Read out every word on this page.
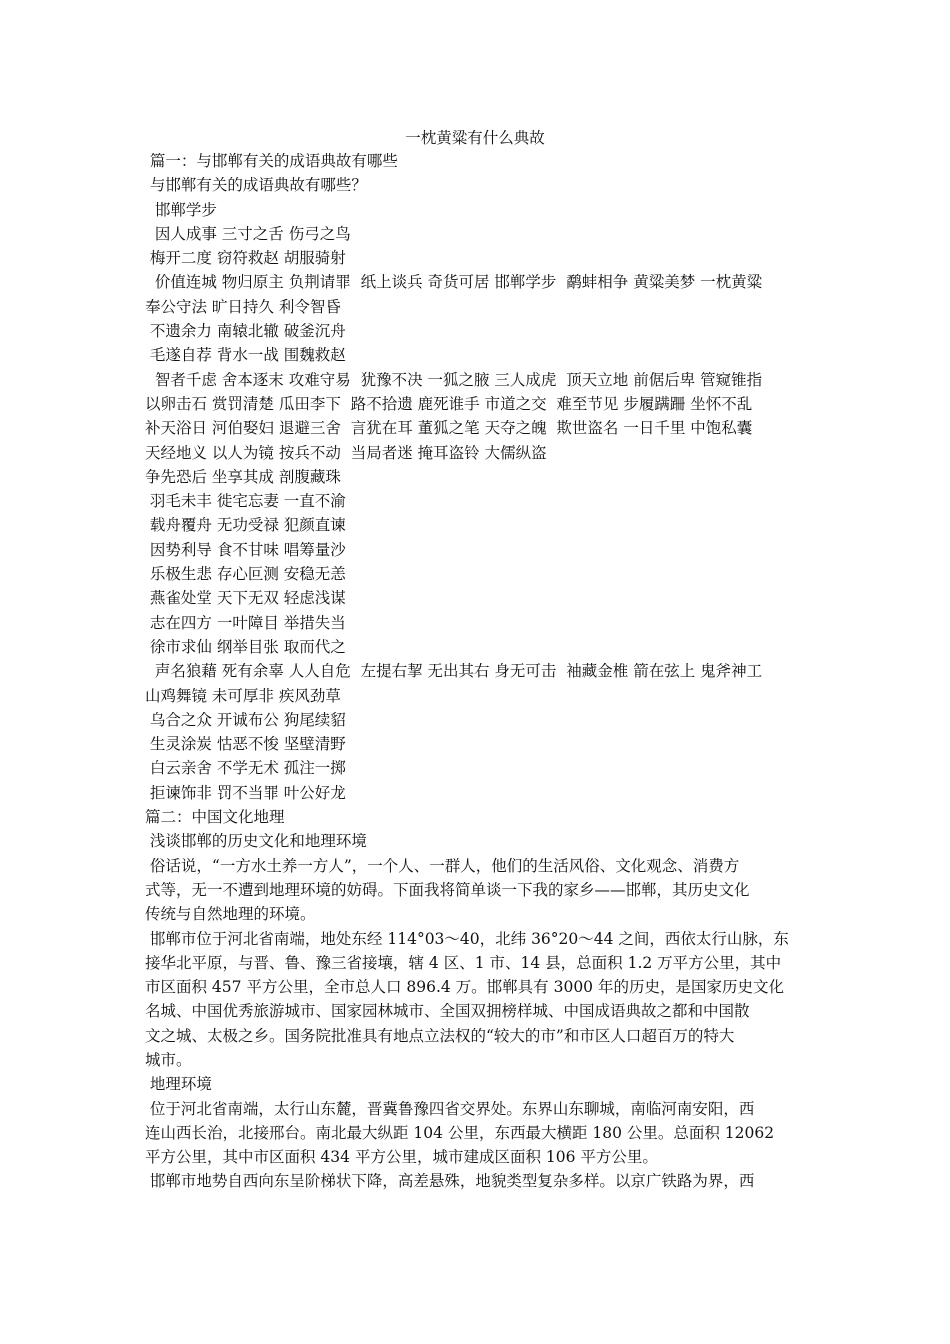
一枕黄粱有什么典故
篇一：与邯郸有关的成语典故有哪些
与邯郸有关的成语典故有哪些？
邯郸学步
因人成事 三寸之舌 伤弓之鸟
梅开二度 窃符救赵 胡服骑射
价值连城 物归原主 负荆请罪  纸上谈兵 奇货可居 邯郸学步  鹬蚌相争 黄粱美梦 一枕黄粱
奉公守法 旷日持久 利令智昏
不遗余力 南辕北辙 破釜沉舟
毛遂自荐 背水一战 围魏救赵
智者千虑 舍本逐末 攻难守易  犹豫不决 一狐之腋 三人成虎  顶天立地 前倨后卑 管窥锥指
以卵击石 赏罚清楚 瓜田李下  路不拾遗 鹿死谁手 市道之交  难至节见 步履蹒跚 坐怀不乱
补天浴日 河伯娶妇 退避三舍  言犹在耳 董狐之笔 天夺之魄  欺世盗名 一日千里 中饱私囊
天经地义 以人为镜 按兵不动  当局者迷 掩耳盗铃 大儒纵盗
争先恐后 坐享其成 剖腹藏珠
羽毛未丰 徙宅忘妻 一直不渝
载舟覆舟 无功受禄 犯颜直谏
因势利导 食不甘味 唱筹量沙
乐极生悲 存心叵测 安稳无恙
燕雀处堂 天下无双 轻虑浅谋
志在四方 一叶障目 举措失当
徐市求仙 纲举目张 取而代之
声名狼藉 死有余辜 人人自危  左提右挈 无出其右 身无可击  袖藏金椎 箭在弦上 鬼斧神工
山鸡舞镜 未可厚非 疾风劲草
乌合之众 开诚布公 狗尾续貂
生灵涂炭 怙恶不悛 坚壁清野
白云亲舍 不学无术 孤注一掷
拒谏饰非 罚不当罪 叶公好龙
篇二：中国文化地理
浅谈邯郸的历史文化和地理环境
俗话说，“一方水土养一方人”，一个人、一群人，他们的生活风俗、文化观念、消费方
式等，无一不遭到地理环境的妨碍。下面我将简单谈一下我的家乡——邯郸，其历史文化
传统与自然地理的环境。
邯郸市位于河北省南端，地处东经 114°03～40，北纬 36°20～44 之间，西依太行山脉，东
接华北平原，与晋、鲁、豫三省接壤，辖 4 区、1 市、14 县，总面积 1.2 万平方公里，其中
市区面积 457 平方公里，全市总人口 896.4 万。邯郸具有 3000 年的历史，是国家历史文化
名城、中国优秀旅游城市、国家园林城市、全国双拥榜样城、中国成语典故之都和中国散
文之城、太极之乡。国务院批准具有地点立法权的“较大的市”和市区人口超百万的特大
城市。
地理环境
位于河北省南端，太行山东麓，晋冀鲁豫四省交界处。东界山东聊城，南临河南安阳，西
连山西长治，北接邢台。南北最大纵距 104 公里，东西最大横距 180 公里。总面积 12062
平方公里，其中市区面积 434 平方公里，城市建成区面积 106 平方公里。
邯郸市地势自西向东呈阶梯状下降，高差悬殊，地貌类型复杂多样。以京广铁路为界，西
